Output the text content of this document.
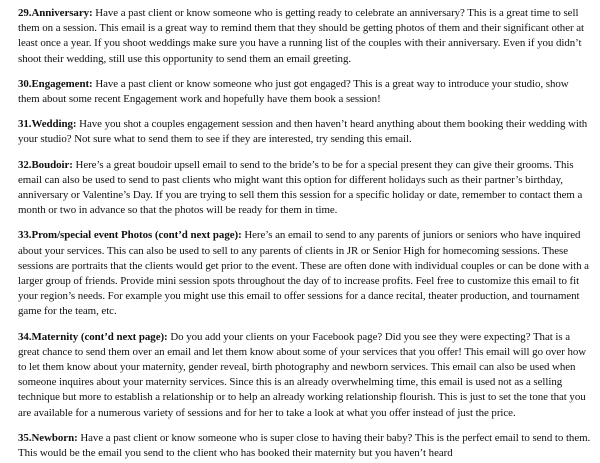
29.Anniversary: Have a past client or know someone who is getting ready to celebrate an anniversary? This is a great time to sell them on a session. This email is a great way to remind them that they should be getting photos of them and their significant other at least once a year. If you shoot weddings make sure you have a running list of the couples with their anniversary. Even if you didn’t shoot their wedding, still use this opportunity to send them an email greeting.

30.Engagement: Have a past client or know someone who just got engaged? This is a great way to introduce your studio, show them about some recent Engagement work and hopefully have them book a session!

31.Wedding: Have you shot a couples engagement session and then haven’t heard anything about them booking their wedding with your studio? Not sure what to send them to see if they are interested, try sending this email.

32.Boudoir: Here’s a great boudoir upsell email to send to the bride’s to be for a special present they can give their grooms. This email can also be used to send to past clients who might want this option for different holidays such as their partner’s birthday, anniversary or Valentine’s Day. If you are trying to sell them this session for a specific holiday or date, remember to contact them a month or two in advance so that the photos will be ready for them in time.

33.Prom/special event Photos (cont’d next page): Here’s an email to send to any parents of juniors or seniors who have inquired about your services. This can also be used to sell to any parents of clients in JR or Senior High for homecoming sessions. These sessions are portraits that the clients would get prior to the event. These are often done with individual couples or can be done with a larger group of friends. Provide mini session spots throughout the day of to increase profits. Feel free to customize this email to fit your region’s needs. For example you might use this email to offer sessions for a dance recital, theater production, and tournament game for the team, etc.

34.Maternity (cont’d next page): Do you add your clients on your Facebook page? Did you see they were expecting? That is a great chance to send them over an email and let them know about some of your services that you offer! This email will go over how to let them know about your maternity, gender reveal, birth photography and newborn services. This email can also be used when someone inquires about your maternity services. Since this is an already overwhelming time, this email is used not as a selling technique but more to establish a relationship or to help an already working relationship flourish. This is just to set the tone that you are available for a numerous variety of sessions and for her to take a look at what you offer instead of just the price.

35.Newborn: Have a past client or know someone who is super close to having their baby? This is the perfect email to send to them. This would be the email you send to the client who has booked their maternity but you haven’t heard
